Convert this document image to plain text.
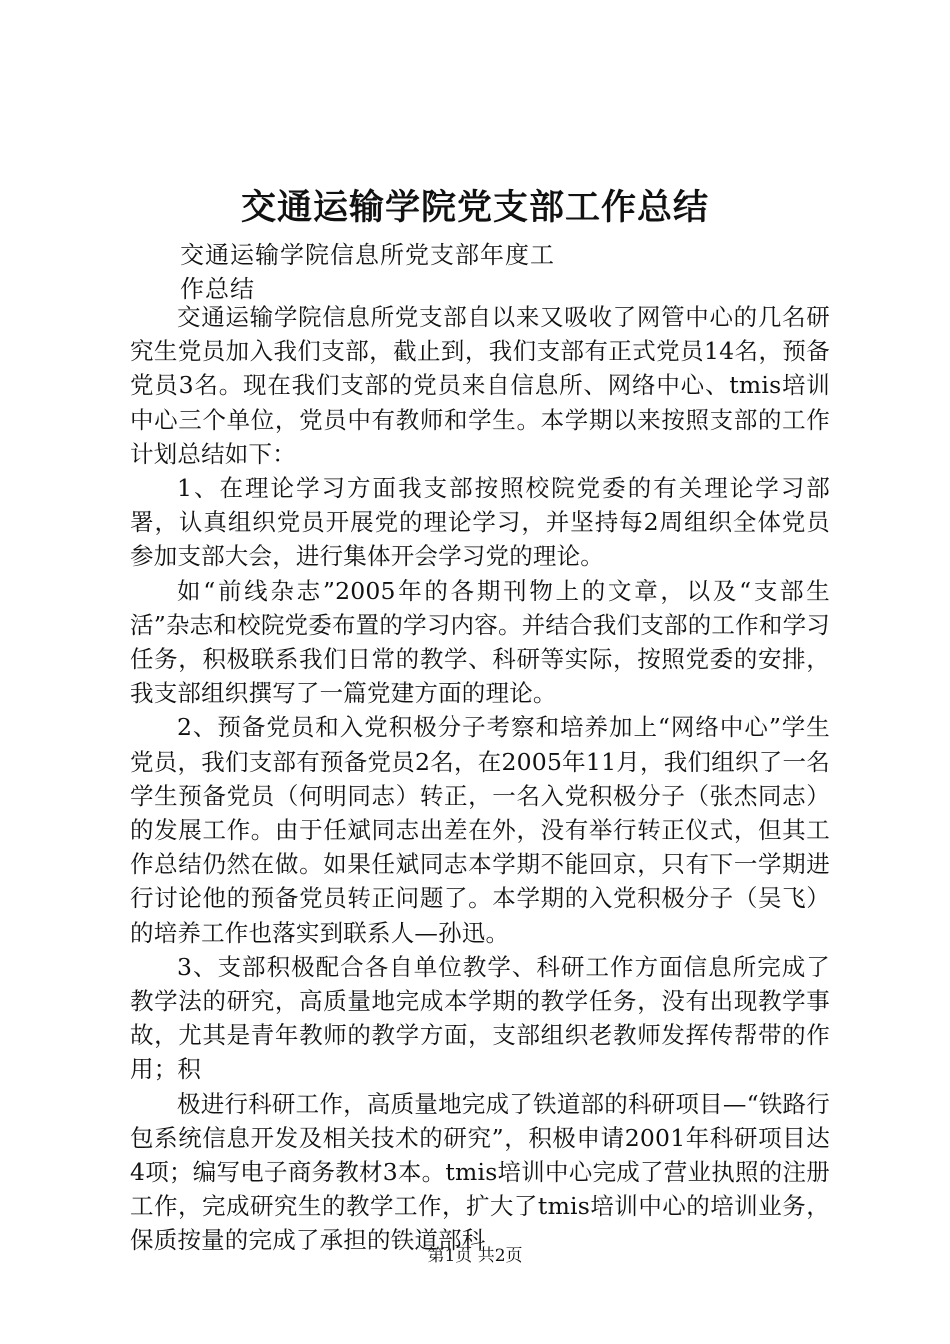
交通运输学院党支部工作总结
交通运输学院信息所党支部年度工
作总结

交通运输学院信息所党支部自以来又吸收了网管中心的几名研究生党员加入我们支部，截止到，我们支部有正式党员14名，预备党员3名。现在我们支部的党员来自信息所、网络中心、tmis培训中心三个单位，党员中有教师和学生。本学期以来按照支部的工作计划总结如下：

1、在理论学习方面我支部按照校院党委的有关理论学习部署，认真组织党员开展党的理论学习，并坚持每2周组织全体党员参加支部大会，进行集体开会学习党的理论。

如“前线杂志”2005年的各期刊物上的文章，以及“支部生活”杂志和校院党委布置的学习内容。并结合我们支部的工作和学习任务，积极联系我们日常的教学、科研等实际，按照党委的安排，我支部组织撰写了一篇党建方面的理论。

2、预备党员和入党积极分子考察和培养加上“网络中心”学生党员，我们支部有预备党员2名，在2005年11月，我们组织了一名学生预备党员（何明同志）转正，一名入党积极分子（张杰同志）的发展工作。由于任斌同志出差在外，没有举行转正仪式，但其工作总结仍然在做。如果任斌同志本学期不能回京，只有下一学期进行讨论他的预备党员转正问题了。本学期的入党积极分子（吴飞）的培养工作也落实到联系人—孙迅。

3、支部积极配合各自单位教学、科研工作方面信息所完成了教学法的研究，高质量地完成本学期的教学任务，没有出现教学事故，尤其是青年教师的教学方面，支部组织老教师发挥传帮带的作用；积

极进行科研工作，高质量地完成了铁道部的科研项目—“铁路行包系统信息开发及相关技术的研究”，积极申请2001年科研项目达4项；编写电子商务教材3本。tmis培训中心完成了营业执照的注册工作，完成研究生的教学工作，扩大了tmis培训中心的培训业务，保质按量的完成了承担的铁道部科

第1页 共2页
